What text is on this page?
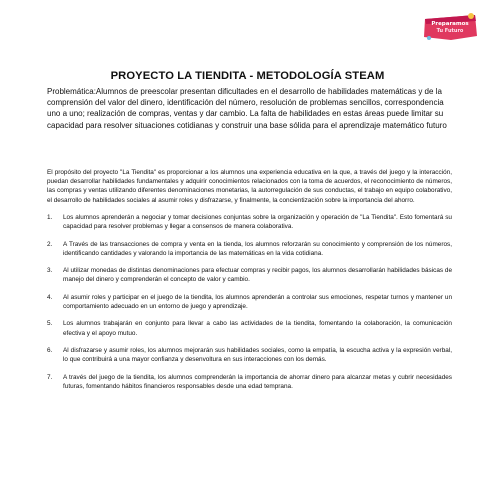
Preparamos
Tu Futuro
PROYECTO LA TIENDITA - METODOLOGÍA STEAM

Problemática:Alumnos de preescolar presentan dificultades en el desarrollo de habilidades matemáticas y de la comprensión del valor del dinero, identificación del número, resolución de problemas sencillos, correspondencia uno a uno; realización de compras, ventas y dar cambio. La falta de habilidades en estas áreas puede limitar su capacidad para resolver situaciones cotidianas y construir una base sólida para el aprendizaje matemático futuro

El propósito del proyecto "La Tiendita" es proporcionar a los alumnos una experiencia educativa en la que, a través del juego y la interacción, puedan desarrollar habilidades fundamentales y adquirir conocimientos relacionados con la toma de acuerdos, el reconocimiento de números, las compras y ventas utilizando diferentes denominaciones monetarias, la autorregulación de sus conductas, el trabajo en equipo colaborativo, el desarrollo de habilidades sociales al asumir roles y disfrazarse, y finalmente, la concientización sobre la importancia del ahorro.

1.	Los alumnos aprenderán a negociar y tomar decisiones conjuntas sobre la organización y operación de "La Tiendita". Esto fomentará su capacidad para resolver problemas y llegar a consensos de manera colaborativa.

2.	A Través de las transacciones de compra y venta en la tienda, los alumnos reforzarán su conocimiento y comprensión de los números, identificando cantidades y valorando la importancia de las matemáticas en la vida cotidiana.

3.	Al utilizar monedas de distintas denominaciones para efectuar compras y recibir pagos, los alumnos desarrollarán habilidades básicas de manejo del dinero y comprenderán el concepto de valor y cambio.

4.	Al asumir roles y participar en el juego de la tiendita, los alumnos aprenderán a controlar sus emociones, respetar turnos y mantener un comportamiento adecuado en un entorno de juego y aprendizaje.

5.	Los alumnos trabajarán en conjunto para llevar a cabo las actividades de la tiendita, fomentando la colaboración, la comunicación efectiva y el apoyo mutuo.

6.	Al disfrazarse y asumir roles, los alumnos mejorarán sus habilidades sociales, como la empatía, la escucha activa y la expresión verbal, lo que contribuirá a una mayor confianza y desenvoltura en sus interacciones con los demás.

7.	A través del juego de la tiendita, los alumnos comprenderán la importancia de ahorrar dinero para alcanzar metas y cubrir necesidades futuras, fomentando hábitos financieros responsables desde una edad temprana.
